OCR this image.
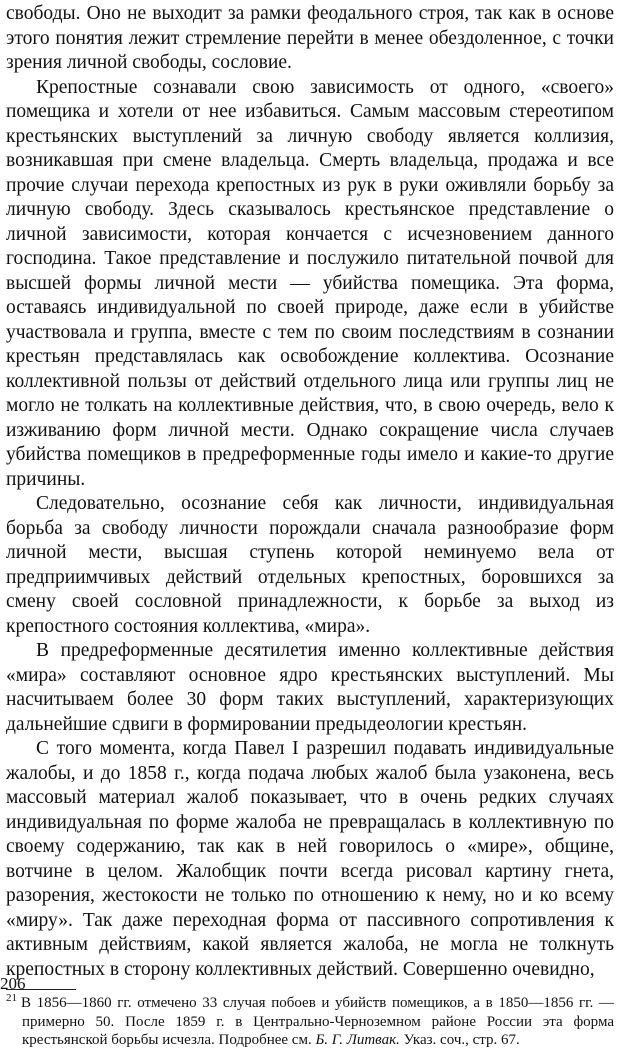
свободы. Оно не выходит за рамки феодального строя, так как в основе этого понятия лежит стремление перейти в менее обездоленное, с точки зрения личной свободы, сословие.

Крепостные сознавали свою зависимость от одного, «своего» помещика и хотели от нее избавиться. Самым массовым стереотипом крестьянских выступлений за личную свободу является коллизия, возникавшая при смене владельца. Смерть владельца, продажа и все прочие случаи перехода крепостных из рук в руки оживляли борьбу за личную свободу. Здесь сказывалось крестьянское представление о личной зависимости, которая кончается с исчезновением данного господина. Такое представление и послужило питательной почвой для высшей формы личной мести — убийства помещика. Эта форма, оставаясь индивидуальной по своей природе, даже если в убийстве участвовала и группа, вместе с тем по своим последствиям в сознании крестьян представлялась как освобождение коллектива. Осознание коллективной пользы от действий отдельного лица или группы лиц не могло не толкать на коллективные действия, что, в свою очередь, вело к изживанию форм личной мести. Однако сокращение числа случаев убийства помещиков в предреформенные годы имело и какие-то другие причины.

Следовательно, осознание себя как личности, индивидуальная борьба за свободу личности порождали сначала разнообразие форм личной мести, высшая ступень которой неминуемо вела от предприимчивых действий отдельных крепостных, боровшихся за смену своей сословной принадлежности, к борьбе за выход из крепостного состояния коллектива, «мира».

В предреформенные десятилетия именно коллективные действия «мира» составляют основное ядро крестьянских выступлений. Мы насчитываем более 30 форм таких выступлений, характеризующих дальнейшие сдвиги в формировании предыдеологии крестьян.

С того момента, когда Павел I разрешил подавать индивидуальные жалобы, и до 1858 г., когда подача любых жалоб была узаконена, весь массовый материал жалоб показывает, что в очень редких случаях индивидуальная по форме жалоба не превращалась в коллективную по своему содержанию, так как в ней говорилось о «мире», общине, вотчине в целом. Жалобщик почти всегда рисовал картину гнета, разорения, жестокости не только по отношению к нему, но и ко всему «миру». Так даже переходная форма от пассивного сопротивления к активным действиям, какой является жалоба, не могла не толкнуть крепостных в сторону коллективных действий. Совершенно очевидно,

$^{21}$ В 1856—1860 гг. отмечено 33 случая побоев и убийств помещиков, а в 1850—1856 гг. — примерно 50. После 1859 г. в Центрально-Черноземном районе России эта форма крестьянской борьбы исчезла. Подробнее см. Б. Г. Литвак. Указ. соч., стр. 67.
206
